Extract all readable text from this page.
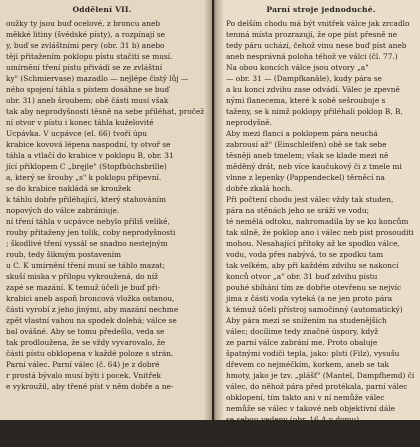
Oddělení VII.
oužky ty jsou buď ocelové, z broncu aneb
měkké litiny (švédské písty), a rozpínají se
y, buď se zvláštními pery (obr. 31 b) anebo
tějí přitažením poklopu pístu stačiti se musí.
umírnění tření pístu přivádí se ze zvláštní
ky" (Schmiervase) mazadlo — nejlépe čistý lůj —
ného spojení táhla s pístem dosáhne se buď
obr. 31) aneb šroubem; obě části musí však
tak aby neprodyšnosti těsně na sebe přiléhat, pročež
ní otvor v pístu i konec táhla kuželovité
Ucpávka. V ucpávce (el. 66) tvoří úpu
krabice kovová lépena naspodní, ty otvoř se
táhla a vtlačí do krabice v poklopu B, obr. 31
jící přiklopem C „bręjle" (Stopfbüchsbrille)
a, který se šrouby „s" k poklopu připevní.
se do krabice nakládá se kroužek
k táhlu dobře přiléhající, který stahováním
nopových do válce zabrániuje.
ní tření táhla v ucpávce nebylo příliš veliké,
rouby přitaženy jen tolik, coby neprodyšnosti
; škodlivé tření vyssál se snadno nestejným
roub, tedy šikmým postavením
u C. K umírnění tření musí se táhlo mazat;
skuší miska v přílopu vykroužená, do níž
zapé se mazání. K temuž účeli je buď při-
krabici aneb aspoň broncová vložka ostanou,
části vyrobí z jeho jinými, aby mazání nechme
zpět vlastní vahou na spodek dolehá; válce se
bal ovášné. Aby se tomu předešlo, veda se
tak prodloužena, že se vždy vyvarovalo, že
části pístu obklopena v každé poloze s strán.
Parní válec. Parní válec (č. 64) je z dobré
r prostá bývalo musí býti i pocek. Vnitřek
e vykroužil, aby třené píst v něm dobře a ne-
Parní stroje jednoduché.
Po delším chodu má být vnitřek válce jak zrcadlo
tenmá místa prozrazují, že ope píst přesně ne
tedy páru uchází, čehož vinu nese buď píst aneb
aneb nesprávná poloha téhož ve válci (čl. 77.)
Na obou koncích válce jsou otvory „a"
— obr. 31 — (Dampfkanäle), kudy pára se
a ku konci zdvihu zase odvádí. Válec je zpevně
nými flanecema, které k sobě sešroubuje s
taženy, se k nimž poklopy přiléhali poklop B, B,
neprodyšně.
Aby mezi flanci a poklopem pára neuchá
zabrousí až" (Einschleifen) obě se tak sebe
těsněji aneb tmelem; však se klade mezi ně
měděný drát, neb více kaučukový či z tmele mi
vlnne z lepenky (Pappendeckel) těrněcí na
dobře zkalá hoch.
Při počtení chodu jest válec vždy tak studen,
pára na stěnách jeho se sráží ve vodu;
té nemělá odtoku, nahromadila by se ku koncům
tak silně, že poklop ano i válec neb píst prosouditi
mohou. Nesahající přítoky až ke spodku válce,
vodu, voda přes nabývá, to se zpodku tam
tak velkém, aby při každém zdvihu se nakoncí
konců otvor „a" obr. 31 buď zdvihu pístu
pouhé sbíhání tím ze dobřie otevřenu se nejvíc
jima z části voda vyteká (a ne jen proto pára
k témuž účeli přístroj samočinný (automatický)
Aby pára mezi se snížením na studenějších
válec; docílime tedy značné úspory, když
ze parní válce zabrání me. Proto obaluje
špatnými vodiči tepla, jako: plsti (Filz), vysušu
dřevem co nejméčkím, korkem, aneb se tak
hmoty, jako je tzv. „plášť" (Mantel, Dampfhemd) či
válec, do něhož pára před protékala, parní válec
obklopení, tím takto ani v ní nemůže válec
nemůže se válec v takové neb objektivní dále
se sebou vedeny (obr. 16 A v domu).
Mezi poklopem válce a pístem, když jest na
zdvihu, musí zůstati vždy malý prostor, aby
